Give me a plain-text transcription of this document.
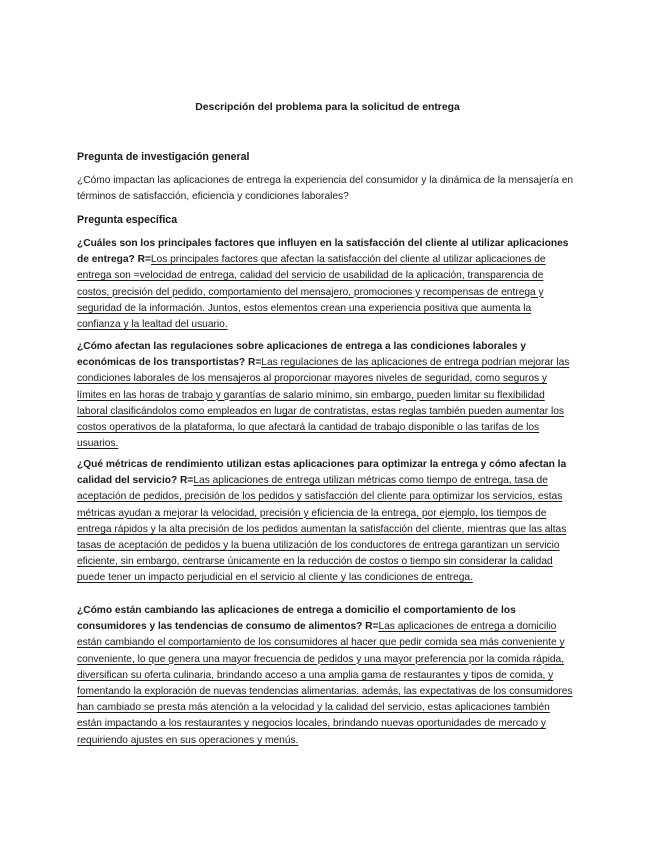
Descripción del problema para la solicitud de entrega
Pregunta de investigación general
¿Cómo impactan las aplicaciones de entrega la experiencia del consumidor y la dinámica de la mensajería en términos de satisfacción, eficiencia y condiciones laborales?
Pregunta específica
¿Cuáles son los principales factores que influyen en la satisfacción del cliente al utilizar aplicaciones de entrega? R=Los principales factores que afectan la satisfacción del cliente al utilizar aplicaciones de entrega son =velocidad de entrega, calidad del servicio de usabilidad de la aplicación, transparencia de costos, precisión del pedido, comportamiento del mensajero, promociones y recompensas de entrega y seguridad de la información. Juntos, estos elementos crean una experiencia positiva que aumenta la confianza y la lealtad del usuario.
¿Cómo afectan las regulaciones sobre aplicaciones de entrega a las condiciones laborales y económicas de los transportistas? R=Las regulaciones de las aplicaciones de entrega podrían mejorar las condiciones laborales de los mensajeros al proporcionar mayores niveles de seguridad, como seguros y límites en las horas de trabajo y garantías de salario mínimo, sin embargo, pueden limitar su flexibilidad laboral clasificándolos como empleados en lugar de contratistas, estas reglas también pueden aumentar los costos operativos de la plataforma, lo que afectará la cantidad de trabajo disponible o las tarifas de los usuarios.
¿Qué métricas de rendimiento utilizan estas aplicaciones para optimizar la entrega y cómo afectan la calidad del servicio? R=Las aplicaciones de entrega utilizan métricas como tiempo de entrega, tasa de aceptación de pedidos, precisión de los pedidos y satisfacción del cliente para optimizar los servicios, estas métricas ayudan a mejorar la velocidad, precisión y eficiencia de la entrega, por ejemplo, los tiempos de entrega rápidos y la alta precisión de los pedidos aumentan la satisfacción del cliente, mientras que las altas tasas de aceptación de pedidos y la buena utilización de los conductores de entrega garantizan un servicio eficiente, sin embargo, centrarse únicamente en la reducción de costos o tiempo sin considerar la calidad puede tener un impacto perjudicial en el servicio al cliente y las condiciones de entrega.
¿Cómo están cambiando las aplicaciones de entrega a domicilio el comportamiento de los consumidores y las tendencias de consumo de alimentos? R=Las aplicaciones de entrega a domicilio están cambiando el comportamiento de los consumidores al hacer que pedir comida sea más conveniente y conveniente, lo que genera una mayor frecuencia de pedidos y una mayor preferencia por la comida rápida, diversifican su oferta culinaria, brindando acceso a una amplia gama de restaurantes y tipos de comida, y fomentando la exploración de nuevas tendencias alimentarias. además, las expectativas de los consumidores han cambiado se presta más atención a la velocidad y la calidad del servicio, estas aplicaciones también están impactando a los restaurantes y negocios locales, brindando nuevas oportunidades de mercado y requiriendo ajustes en sus operaciones y menús.
